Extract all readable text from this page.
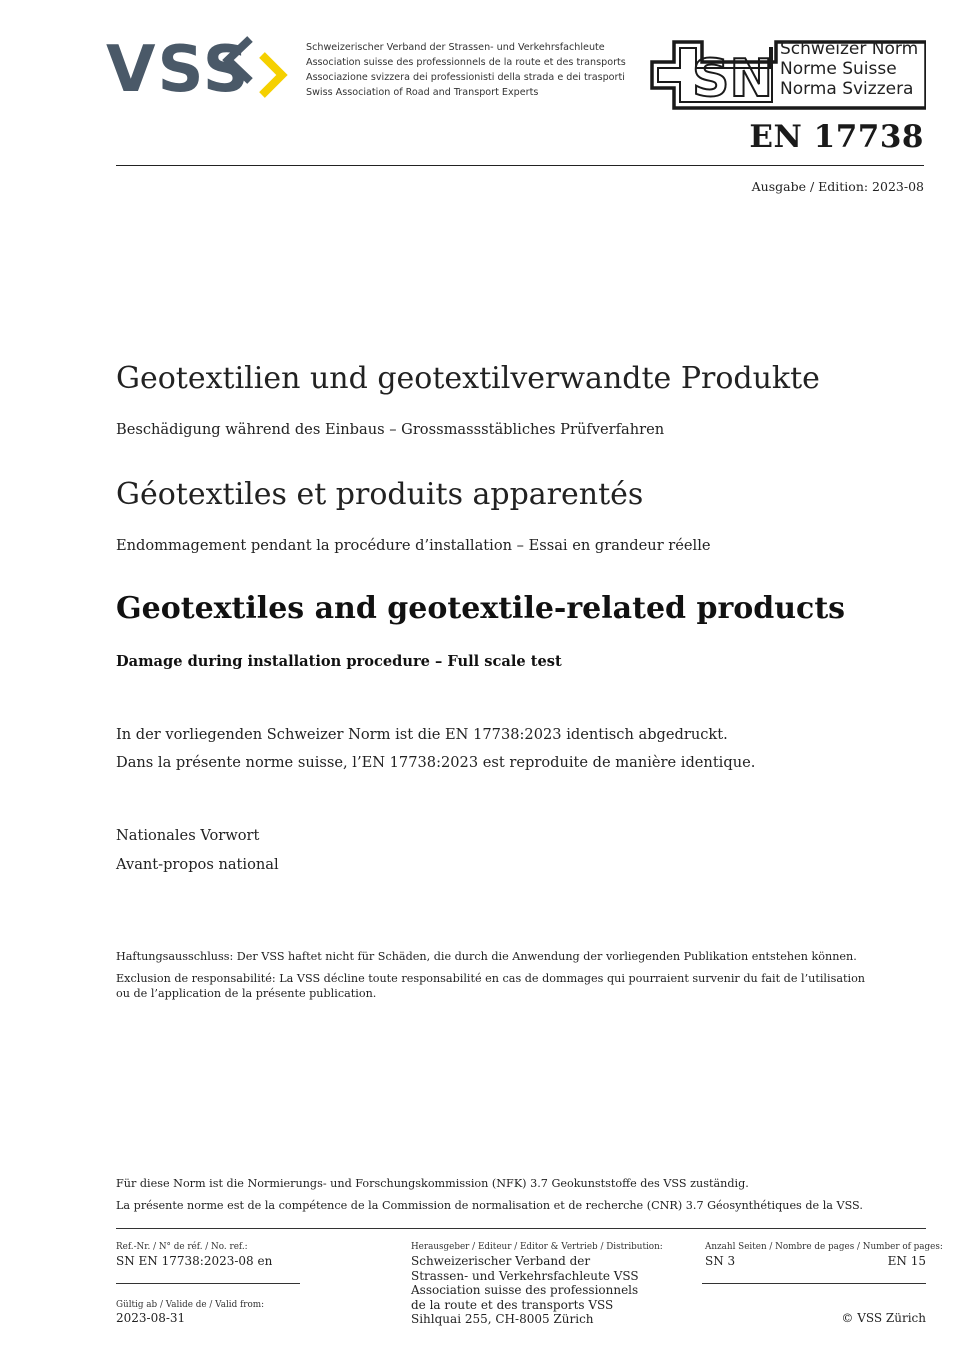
VSS	Schweizerischer Verband der Strassen- und Verkehrsfachleute
Association suisse des professionnels de la route et des transports
Associazione svizzera dei professionisti della strada e dei trasporti
Swiss Association of Road and Transport Experts	SN Schweizer Norm
Norme Suisse
Norma Svizzera
EN 17738
Ausgabe / Edition: 2023-08
Geotextilien und geotextilverwandte Produkte
Beschädigung während des Einbaus – Grossmassstäbliches Prüfverfahren
Géotextiles et produits apparentés
Endommagement pendant la procédure d’installation – Essai en grandeur réelle
Geotextiles and geotextile-related products
Damage during installation procedure – Full scale test
In der vorliegenden Schweizer Norm ist die EN 17738:2023 identisch abgedruckt.
Dans la présente norme suisse, l’EN 17738:2023 est reproduite de manière identique.
Nationales Vorwort
Avant-propos national
Haftungsausschluss: Der VSS haftet nicht für Schäden, die durch die Anwendung der vorliegenden Publikation entstehen können.
Exclusion de responsabilité: La VSS décline toute responsabilité en cas de dommages qui pourraient survenir du fait de l’utilisation
ou de l’application de la présente publication.
Für diese Norm ist die Normierungs- und Forschungskommission (NFK) 3.7 Geokunststoffe des VSS zuständig.
La présente norme est de la compétence de la Commission de normalisation et de recherche (CNR) 3.7 Géosynthétiques de la VSS.
Ref.-Nr. / N° de réf. / No. ref.:
SN EN 17738:2023-08 en
Gültig ab / Valide de / Valid from:
2023-08-31
Herausgeber / Editeur / Editor & Vertrieb / Distribution:
Schweizerischer Verband der
Strassen- und Verkehrsfachleute VSS
Association suisse des professionnels
de la route et des transports VSS
Sihlquai 255, CH-8005 Zürich
Anzahl Seiten / Nombre de pages / Number of pages:
SN 3	EN 15
© VSS Zürich
